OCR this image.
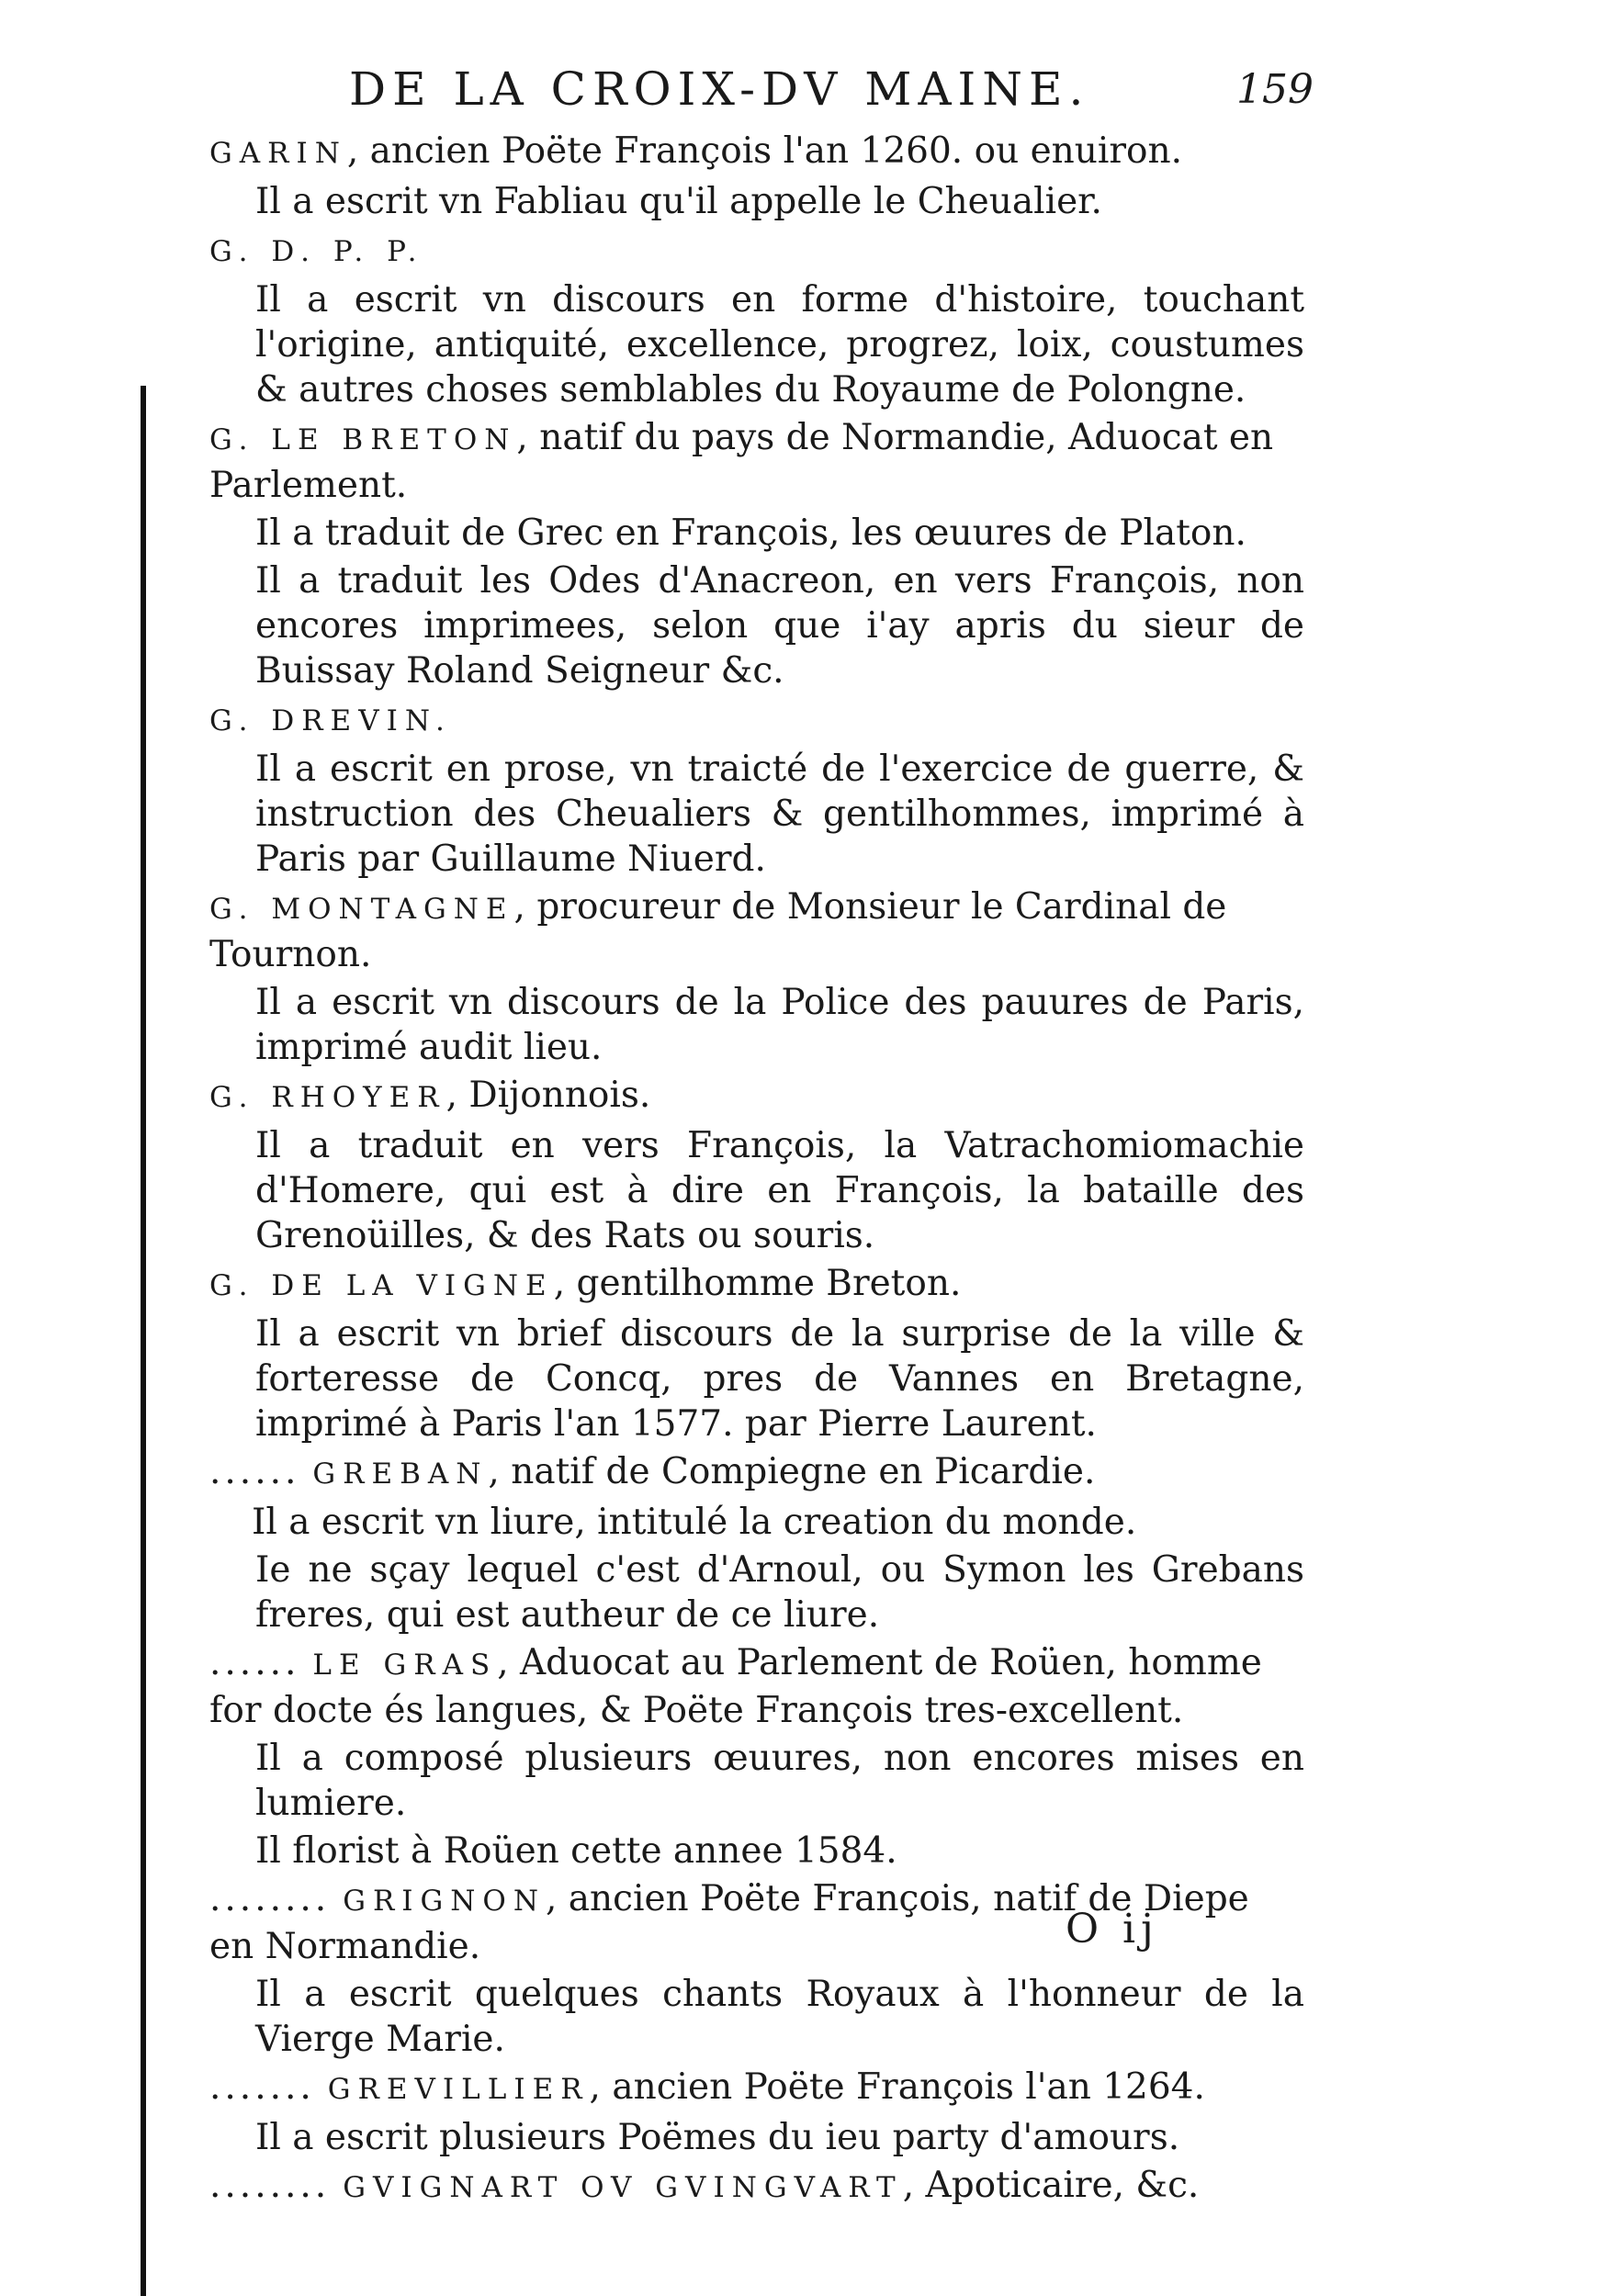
DE LA CROIX-DV MAINE.	159

GARIN, ancien Poëte François l'an 1260. ou enuiron.

Il a escrit vn Fabliau qu'il appelle le Cheualier.

G. D. P. P.

Il a escrit vn discours en forme d'histoire, touchant l'origine, antiquité, excellence, progrez, loix, coustumes & autres choses semblables du Royaume de Polongne.

G. LE BRETON, natif du pays de Normandie, Aduocat en Parlement.

Il a traduit de Grec en François, les œuures de Platon.

Il a traduit les Odes d'Anacreon, en vers François, non encores imprimees, selon que i'ay apris du sieur de Buissay Roland Seigneur &c.

G. DREVIN.

Il a escrit en prose, vn traicté de l'exercice de guerre, & instruction des Cheualiers & gentilhommes, imprimé à Paris par Guillaume Niuerd.

G. MONTAGNE, procureur de Monsieur le Cardinal de Tournon.

Il a escrit vn discours de la Police des pauures de Paris, imprimé audit lieu.

G. RHOYER, Dijonnois.

Il a traduit en vers François, la Vatrachomiomachie d'Homere, qui est à dire en François, la bataille des Grenoüilles, & des Rats ou souris.

G. DE LA VIGNE, gentilhomme Breton.

Il a escrit vn brief discours de la surprise de la ville & forteresse de Concq, pres de Vannes en Bretagne, imprimé à Paris l'an 1577. par Pierre Laurent.

...... GREBAN, natif de Compiegne en Picardie.

Il a escrit vn liure, intitulé la creation du monde.

Ie ne sçay lequel c'est d'Arnoul, ou Symon les Grebans freres, qui est autheur de ce liure.

...... LE GRAS, Aduocat au Parlement de Roüen, homme for docte és langues, & Poëte François tres-excellent.

Il a composé plusieurs œuures, non encores mises en lumiere.

Il florist à Roüen cette annee 1584.

........ GRIGNON, ancien Poëte François, natif de Diepe en Normandie.

Il a escrit quelques chants Royaux à l'honneur de la Vierge Marie.

....... GREVILLIER, ancien Poëte François l'an 1264.

Il a escrit plusieurs Poëmes du ieu party d'amours.

........ GVIGNART OV GVINGVART, Apoticaire, &c.

O ij
